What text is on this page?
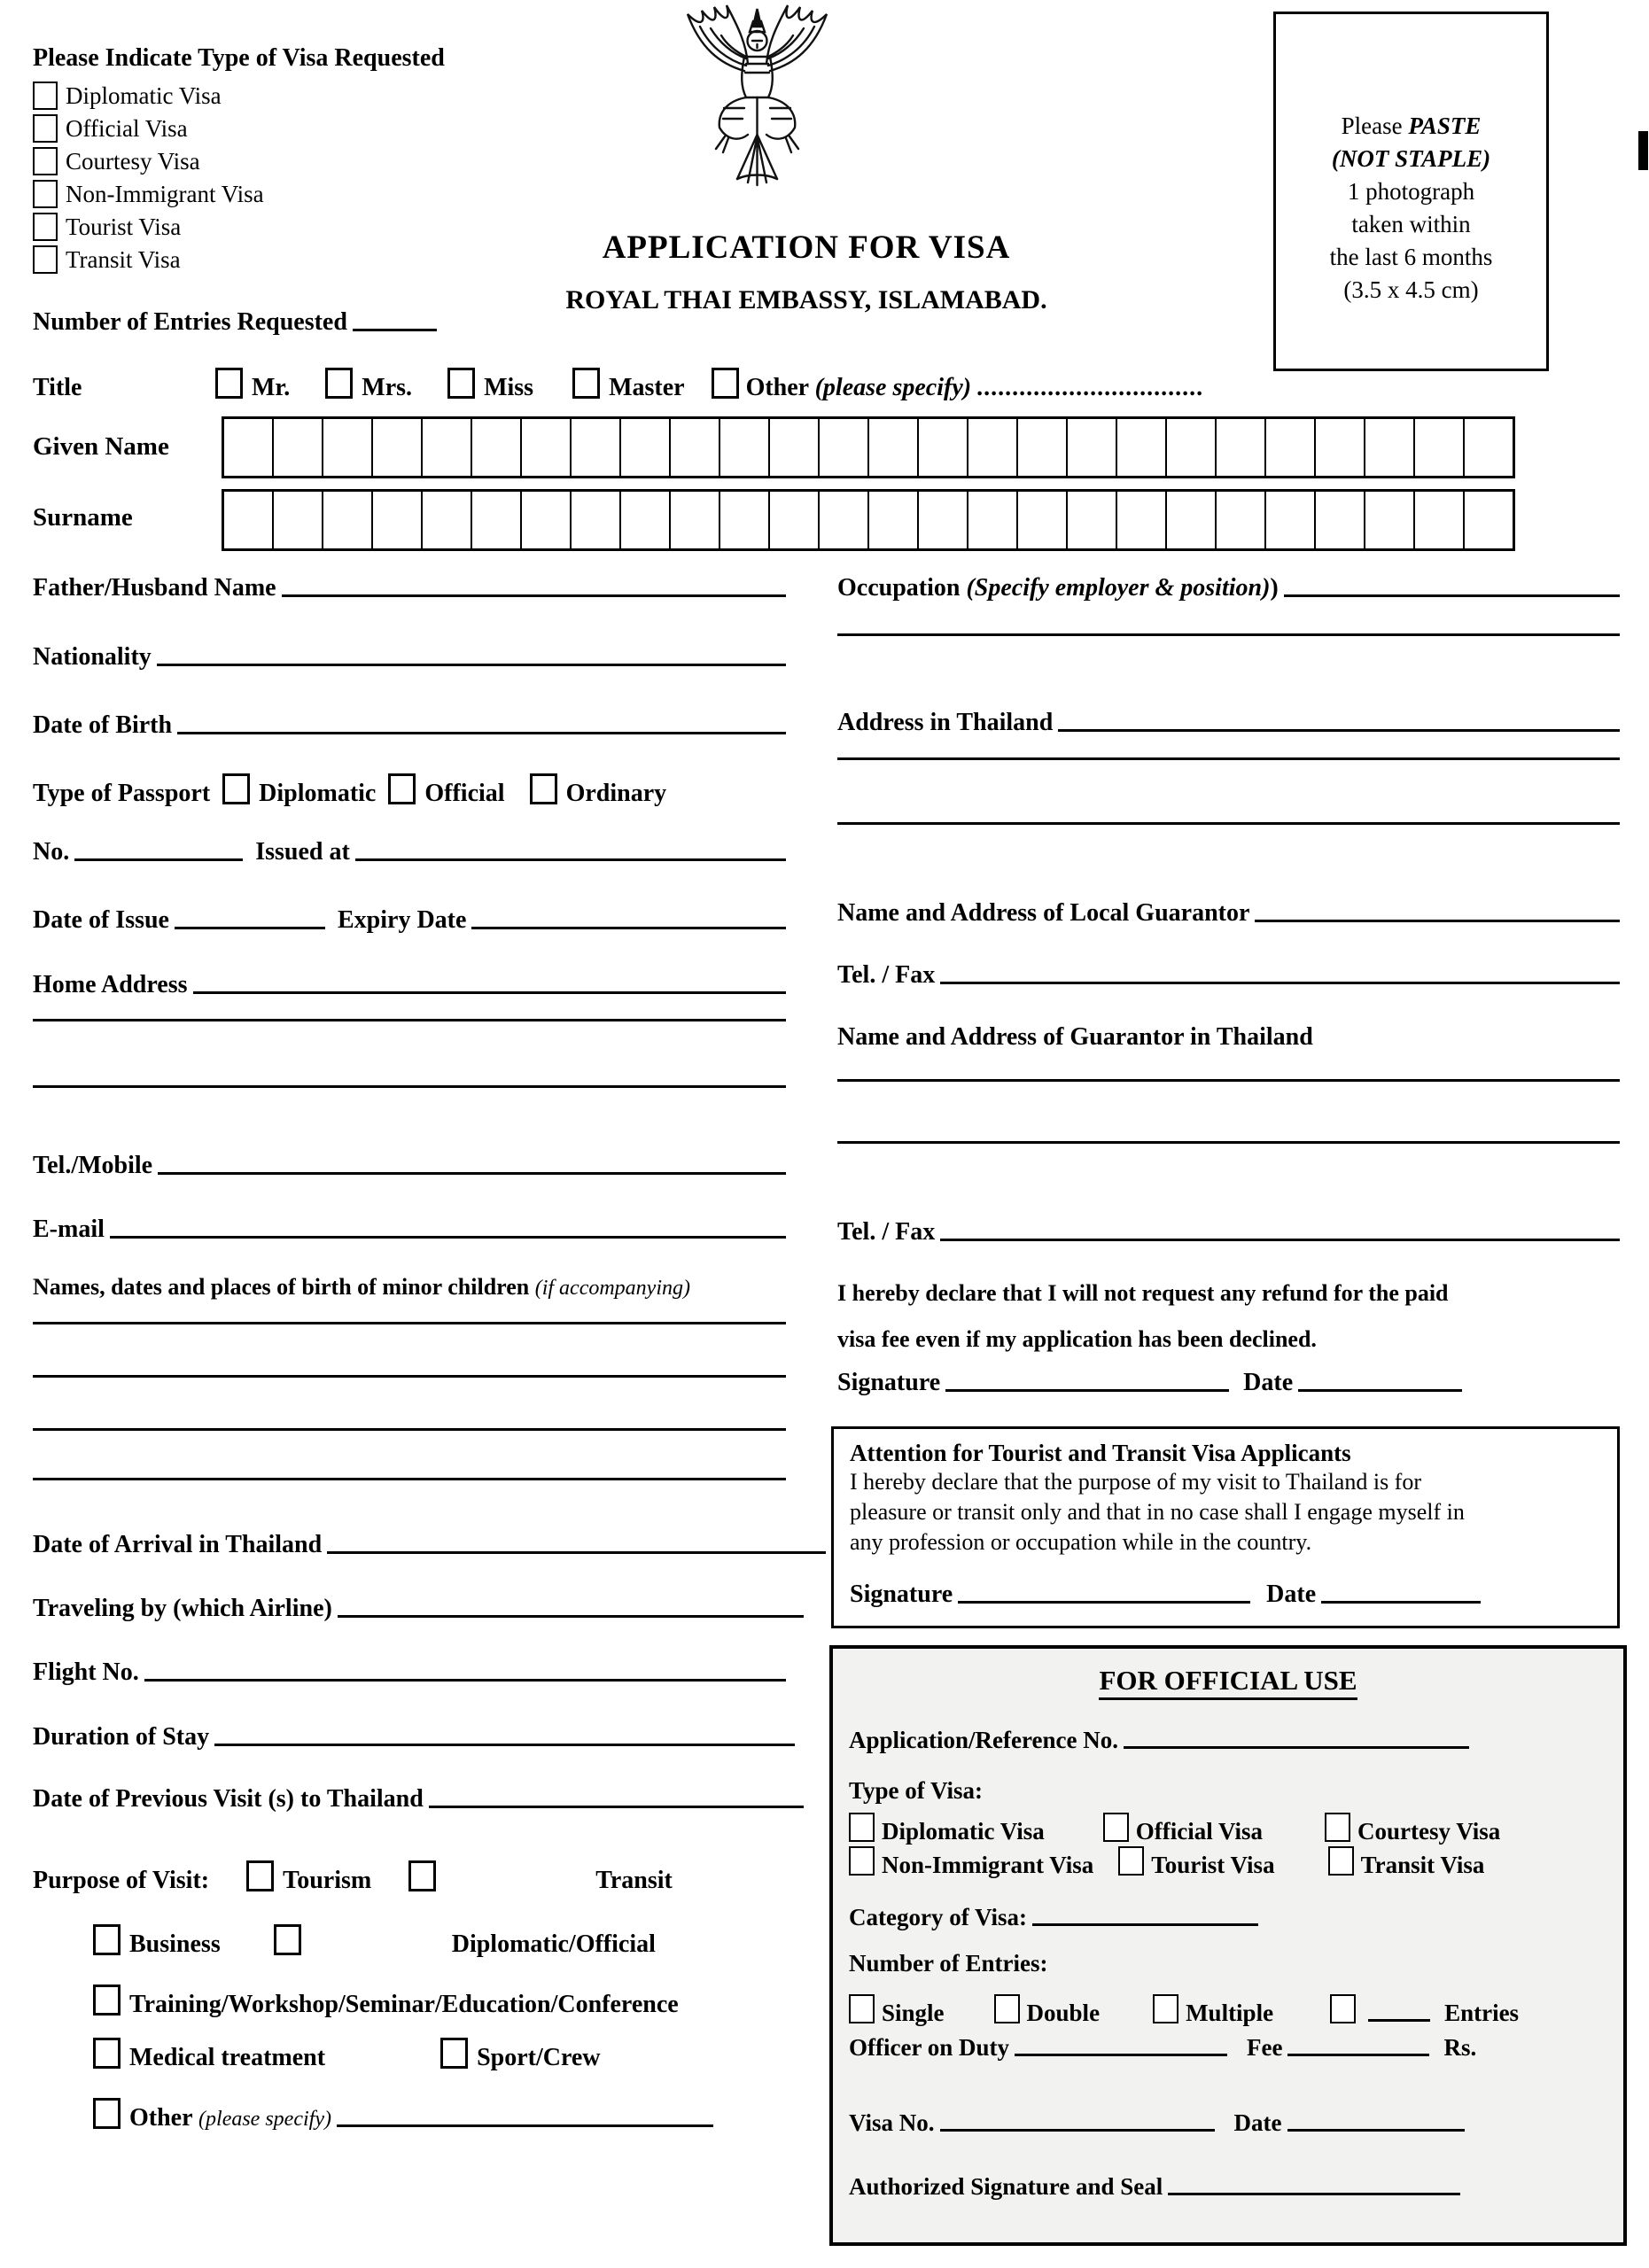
Please Indicate Type of Visa Requested
Diplomatic Visa
Official Visa
Courtesy Visa
Non-Immigrant Visa
Tourist Visa
Transit Visa
Please PASTE
(NOT STAPLE)
1 photograph
taken within
the last 6 months
(3.5 x 4.5 cm)
APPLICATION FOR VISA
ROYAL THAI EMBASSY, ISLAMABAD.
Number of Entries Requested
Title	Mr.	Mrs.	Miss	Master Other (please specify) ................................
Given Name
Surname
Father/Husband Name
Nationality
Date of Birth
Type of Passport Diplomatic Official Ordinary
No.	Issued at
Date of Issue	Expiry Date
Home Address
Tel./Mobile
E-mail
Names, dates and places of birth of minor children (if accompanying)
Date of Arrival in Thailand
Traveling by (which Airline)
Flight No.
Duration of Stay
Date of Previous Visit (s) to Thailand
Purpose of Visit:	Tourism	Transit
Business	Diplomatic/Official
Training/Workshop/Seminar/Education/Conference
Medical treatment	Sport/Crew
Other (please specify)
Occupation (Specify employer & position))
Address in Thailand
Name and Address of Local Guarantor
Tel. / Fax
Name and Address of Guarantor in Thailand
Tel. / Fax
I hereby declare that I will not request any refund for the paid
visa fee even if my application has been declined.
Signature	Date
Attention for Tourist and Transit Visa Applicants
I hereby declare that the purpose of my visit to Thailand is for
pleasure or transit only and that in no case shall I engage myself in
any profession or occupation while in the country.
Signature	Date
FOR OFFICIAL USE
Application/Reference No.
Type of Visa:
Diplomatic Visa	Official Visa	Courtesy Visa
Non-Immigrant Visa Tourist Visa	Transit Visa
Category of Visa:
Number of Entries:
Single	Double	Multiple	Entries
Officer on Duty	Fee	Rs.
Visa No.	Date
Authorized Signature and Seal
